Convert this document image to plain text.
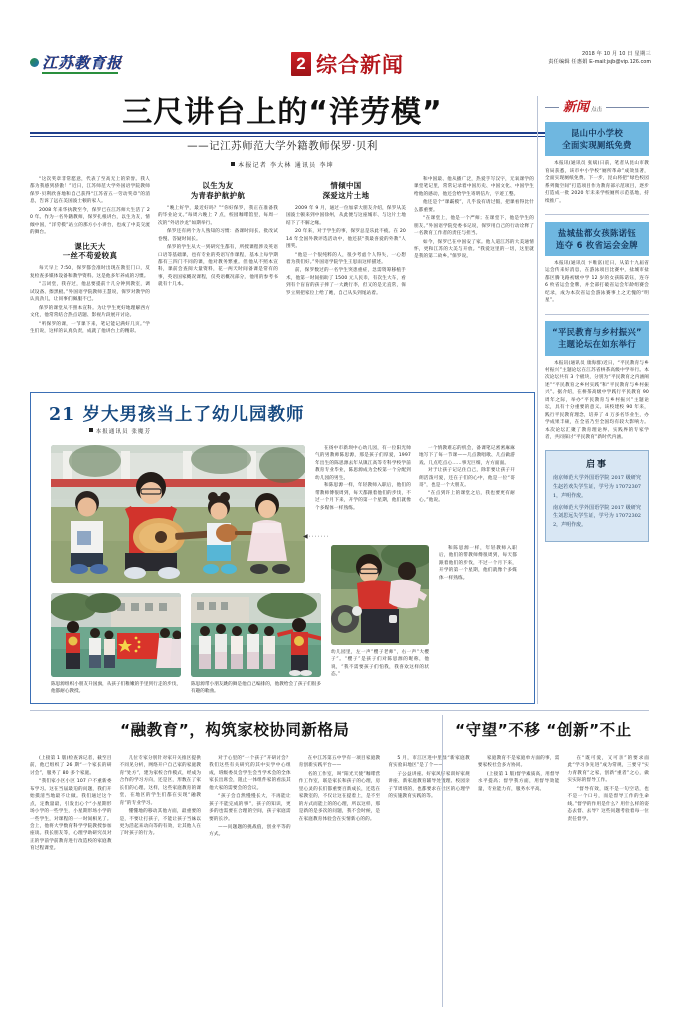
江苏教育报	2 综合新闻	2018 年 10 月 10 日 星期三
责任编辑 任惠娟 E-mail:jsjb@vip.126.com
三尺讲台上的“洋劳模”
——记江苏师范大学外籍教师保罗·贝利
本报记者 李大林 通讯员 李坤

“这次奖章非常愿意，代表了至高无上的荣誉。我人都为我感到骄傲！”近日，江苏师范大学外国语学院教师保罗·贝利欣喜地和自己获得“江苏省五一劳动奖章”的消息，告诉了远在美国波士顿的家人。

2008 年来华执教至今，保罗已在江苏师大生活了 20 年。作为一名外籍教师，保罗扎根讲台，以生为友，情倾中国，“洋劳模”站立的那方小小讲台，也成了中美交流的舞台。

课比天大
一丝不苟爱较真

每天早上 7:50，保罗都会准时出现在教室门口，反复检查多媒体设备和教学资料。这是他多年养成的习惯。

“言词堂，我存过，他总要提前十几分钟到教室，调试设备、擦黑板。”外国语学院教师王慧说，保罗对教学的认真劲儿，让同事们佩服不已。

保罗的课堂从不照本宣科。为让学生更好地理解西方文化，他常常结合热点话题、影视片段展开讨论。

“听保罗的课，一节课下来，笔记能记满好几页。”学生们说，这样的认真负责，成就了他讲台上的精彩。

以生为友
为青春护航护航

“晚上好学，最近好吗？”“你好保罗，我正在准备我的毕业论文。”每周六晚上 7 点，校园咖啡馆里，每周一次的“外语沙龙”如期举行。

保罗还有两个为人熟知的习惯：备课时间长、批改试卷慢、答疑时间长。

保罗的学生从大一到研究生都有，所授课程涉及英语口语等基础课，也有专业的英语写作课程，基本上每学期都有三四门不同的课，他对教务繁重。但他从不照本宣科，课前会查阅大量资料，花一两天时间备课是常有的事，英语国家概况课程，仅英语概况部分，他用的参考书就有十几本。

情倾中国
深爱这片土地

2009 年 9 月，通过一位加拿大朋友介绍，保罗从美国波士顿来到中国徐州，从此便与这座城市、与这片土地结下了不解之缘。

20 年来，对于学生的事，保罗总是乐此不疲。在 2014 年全国外教评选活动中，他还获“我最喜爱的外教”人围奖。

“他是一个很纯粹的人，很少考虑个人得失，一心想着为我们好。”外国语学院学生王思雨这样描述。

前，保罗数过的一名学生突患重症，急需资筹移植手术，他第一时间捐助了 1500 元人民币，有次生大车，看到有个盲盲的孩子摔了一大跳行李，但又的是无直常，保罗立刻把家位上给了她，自己从头到尾站着。

和中国最、他从播广泛，热爱手写汉字，无氧课学的课堂笔记里，常常记录着中国历史、中国文化、中国学生给他的感动，他还会给学生寄明信片，字迹工整。

他还是个“课霸模”，几乎没有请过假，把课看得比什么都重要。

“在课堂上，他是一个严师；在课堂下，他是学生的朋友。”外国语学院党委书记说，保罗用自己的行动诠释了一名教育工作者的责任与担当。

如今，保罗已在中国安了家。他人道江苏的大美通情怀，更和江苏的大美与开放。“我爱这里的一切，这里就是我的第二故乡。”保罗说。

新闻 点击
昆山中小学校
全面实现厕纸免费

本报讯(通讯员 张斌)日前，笔者从昆山市教育局获悉，该市中小学校“厕所革命”成效显著，全面实现厕纸免费。下一步，昆山将把“绿色校园系列微空间”打造项目作为教育部示范项目，逐步打造成一批 2020 年未来学校厕所示范基地，持续推广。

盐城盐都女孩陈诺钰
连夺 6 枚省运会金牌

本报讯(通讯员 卞唯富)近日，从第十九届省运会传来好消息，在游泳项目比赛中，盐城市盐都区腾飞路初级中学 12 岁的女孩陈诺钰，连夺 6 枚省运会金牌，并全部打破省运会年龄组赛会纪录，成为本次省运会游泳赛事上之无愧的“明星”。

“平民教育与乡村振兴”
主题论坛在如东举行

本报讯(通讯员 康海群)近日，“平民教育与乡村振兴”主题论坛在江苏省栟茶高级中学举行。本次论坛共有 3 个板块，分别为“平民教育之内涵阐述”“平民教育之乡村实践”和“平民教育与乡村振兴”。据介绍，在栟茶高级中学践行平民教育 90 周年之际，举办“平民教育与乡村振兴”主题论坛，具有十分重要的意义。该校建校 90 年来，践行平民教育理念，培养了 4 万多名毕业生，办学成果丰硕，在全省乃至全国均有较大影响力。本次论坛汇聚了教育理论界、实践界的专家学者，共同探讨“平民教育”新时代内涵。

启事

南京师范大学外国语学院 2017 级研究生赵若欢失学生证，学号为 170723071，声明作废。

南京师范大学外国语学院 2017 级研究生刘思远失学生证，学号为 170723022，声明作废。

21 岁大男孩当上了幼儿园教师
本报通讯员 张魔芳

在扬中市新坝中心幼儿园，有一位阳光帅气的男教师陈思源，那是孩子们厚爱，1997 年出生的陈思源去年从镇江高等专科学校学前教育专业毕业，陈思源成为全校第一个分配到幼儿园的男生。

和陈思源一样，年轻教师入职后，他们的带教师傅很周到，每天都跟着他们的步伐，不过一个月下来，开学的第一个星期，他们就像个多媒体一样熟练。

一个情教难忘的机会，备课笔记密密麻麻地写下了每一节课——几点教唱歌、几点做游戏、几点吃点心……事无巨细，方方面面。

对于让孩子记记住自己，除非要让孩子开朗活泼可爱，还在子们的心中，他是一位“哥哥”，也是一个大朋友。

“在点到许上的课堂之后，我也要更有耐心。”他说。

◀·······
陈思源组织小朋友升国旗，从孩子们稚嫩的手里到行走的步伐，他都耐心教授。
陈思源带小朋友跳的舞是他自己编排的，他教给会了孩子们很多有趣的歌曲。
幼儿园里，左一声“樱子老师”，右一声“大樱子”。“樱子”是孩子们对陈思源的昵称，他说，“我不需要孩子们怕我，我喜欢这样的状态。”

和陈思源一样，年轻教师入职后，他们的带教师傅很周到，每天都跟着他们的步伐，不过一个月下来，开学的第一个星期，他们就像个多媒体一样熟练。

“融教育”，构筑家校协同新格局	“守望”不移 “创新”不止

(上接第 1 版)检查诉记者，截至目前，他已组织了 26 期“一个家长的研讨会”，服务了 80 多个家庭。

“我们家小区小区 107 户不重新委布学习。这在当届最迫的问题，我们开始摸清当地最不让做。我们通过这个点，定数量最，引发出心个“小星期形场小学的一些学生，小星期形场小学的一些学生，对课程的一一时间相见了。会上，他将大学数育科学学院教授参加座谈。我长朋友等，心理学助研究员对正的学前学前教育进行改造校的家庭教育过程课堂。

儿位专家分别针对家开关推区提供不同见分析，网络开户自己家的家庭教育“处方”，建为家校合作模式，经成为合作的学习方向，还是区，形数在了家长们的心理。这样，这些家庭教育的课堂，在地区的学生们都在实现“融教育”的专业学习。

懂懂地的移动其他方面，最重要的是，不要让打孩子，不能让孩子当妹以更为活起来动向等的有效，让其他人在了时孩子的行为。

对于心里的“一个孩子”开研讨会？我们这些有关研究的其中实学中心组成，班级委员会学生会当学术会的全体家长出席会，阻止一体组件家的看法其他大家的需要会的会议。

“孩子会自然慢慢长大，不再能让孩子不能完成的事”，孩子的知识，更多的也需要在合理的空间，孩子家庭需要的长沙。

——问题题的挑战值，创业平等的方式。

在中江苏第五中学有一项目家庭教育创新实践平台——

名的工作室，叫“阳光天使”咖啡营作工作室，联是家长和孩子的心理，房里心灵的长们都重要百新成长，还选在家教室的，不仅让这在提着上，是不至的方式而能上的的心理，所以这样，那是新的是多次的问题，我不会时候，是在家庭教育体验会在实情新心的的。

5 月，市江区进中里显“新家庭教育实验田地区”是了个——

子公益讲座。好家风好家训好家规讲座、新家庭教育辅导处置理、校园亲子节周班的，也都要求在社区的心理学的实施教育实践的等。

家庭教育不是家庭单方面的事，需要家校社会多方协同。

(上接第 1 版)督学素质高，用督导水平提高；督学我方面，用督导效能量，专业能力有，服务水平高。

在“既可爱，又可亲”的要求面此“学习争先进”成为常规，三要守“实力青教育”之家，创新“重者”之心，做实实际的督导工作。

“督导有效，既不是一句空话，也不是一个口号，而是督导工作的生命线。”督学的作用是什么？用什么样的姿态去督、去导？这些问题考验着每一位责任督学。
